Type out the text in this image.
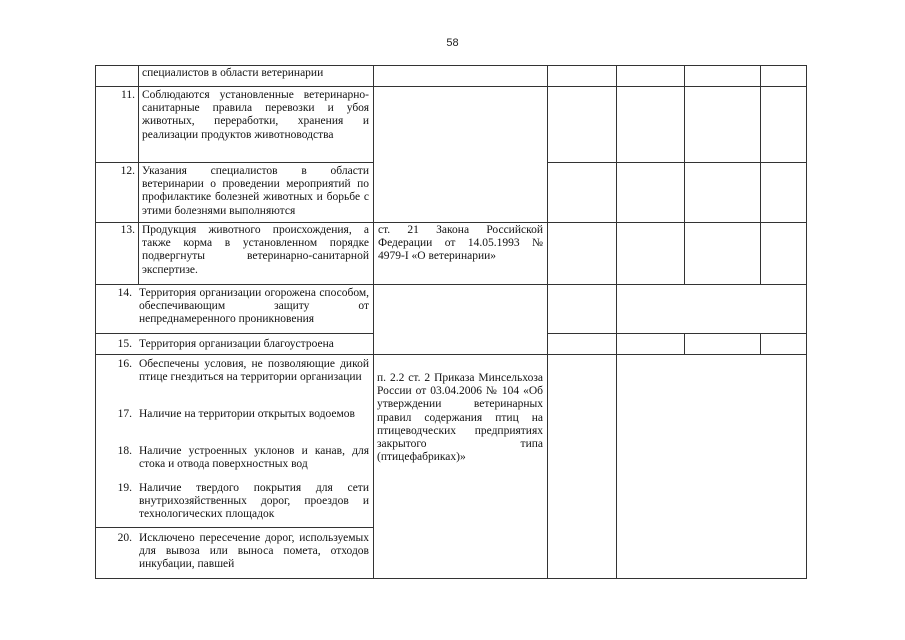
58
специалистов в области ветеринарии
11. Соблюдаются установленные ветеринарно-санитарные правила перевозки и убоя животных, переработки, хранения и реализации продуктов животноводства
12. Указания специалистов в области ветеринарии о проведении мероприятий по профилактике болезней животных и борьбе с этими болезнями выполняются
13. Продукция животного происхождения, а также корма в установленном порядке подвергнуты ветеринарно-санитарной экспертизе.
14. Территория организации огорожена способом, обеспечивающим защиту от непреднамеренного проникновения
15. Территория организации благоустроена
16. Обеспечены условия, не позволяющие дикой птице гнездиться на территории организации
17. Наличие на территории открытых водоемов
18. Наличие устроенных уклонов и канав, для стока и отвода поверхностных вод
19. Наличие твердого покрытия для сети внутрихозяйственных дорог, проездов и технологических площадок
20. Исключено пересечение дорог, используемых для вывоза или выноса помета, отходов инкубации, павшей
ст. 21 Закона Российской Федерации от 14.05.1993 № 4979-I «О ветеринарии»
п. 2.2 ст. 2 Приказа Минсельхоза России от 03.04.2006 № 104 «Об утверждении ветеринарных правил содержания птиц на птицеводческих предприятиях закрытого типа (птицефабриках)»
